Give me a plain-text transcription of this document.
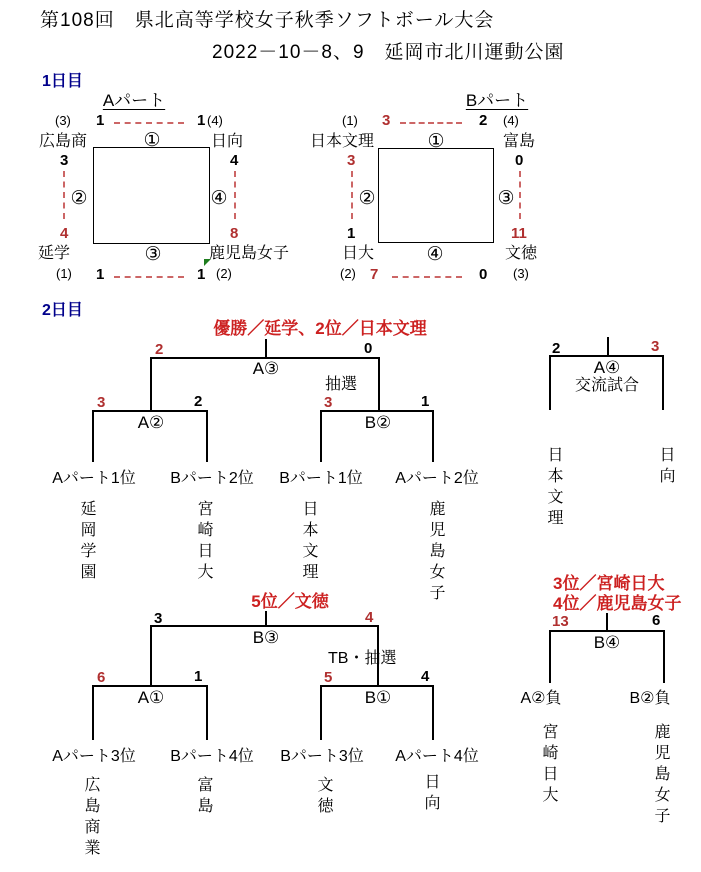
第108回　県北高等学校女子秋季ソフトボール大会
2022－10－8、9　延岡市北川運動公園
1日目
Aパート
①
②
③
④
(3) 1	1 (4)
広島商	日向
3
4
延学
(1)
4
8
鹿児島女子
1	1 (2)
Bパート
①
②	③
④
(1) 3	2 (4)
日本文理	富島
3
1
日大
(2)
0
11
文徳
(3)
7	0
2日目
優勝／延学、2位／日本文理
2	0
A③
抽選
A②
3	2
Aパート1位 Bパート2位
延岡学園	宮崎日大
B②
3	1
Bパート1位 Aパート2位
日本文理	鹿児島女子
2	3
A④
交流試合
日本文理	日向
5位／文徳
3	4
B③
TB・抽選
A①
6	1
Aパート3位 Bパート4位
広島商業	富島
B①
5	4
Bパート3位 Aパート4位
文徳	日向
3位／宮崎日大
4位／鹿児島女子
13	6
B④
A②負	B②負
宮崎日大	鹿児島女子
